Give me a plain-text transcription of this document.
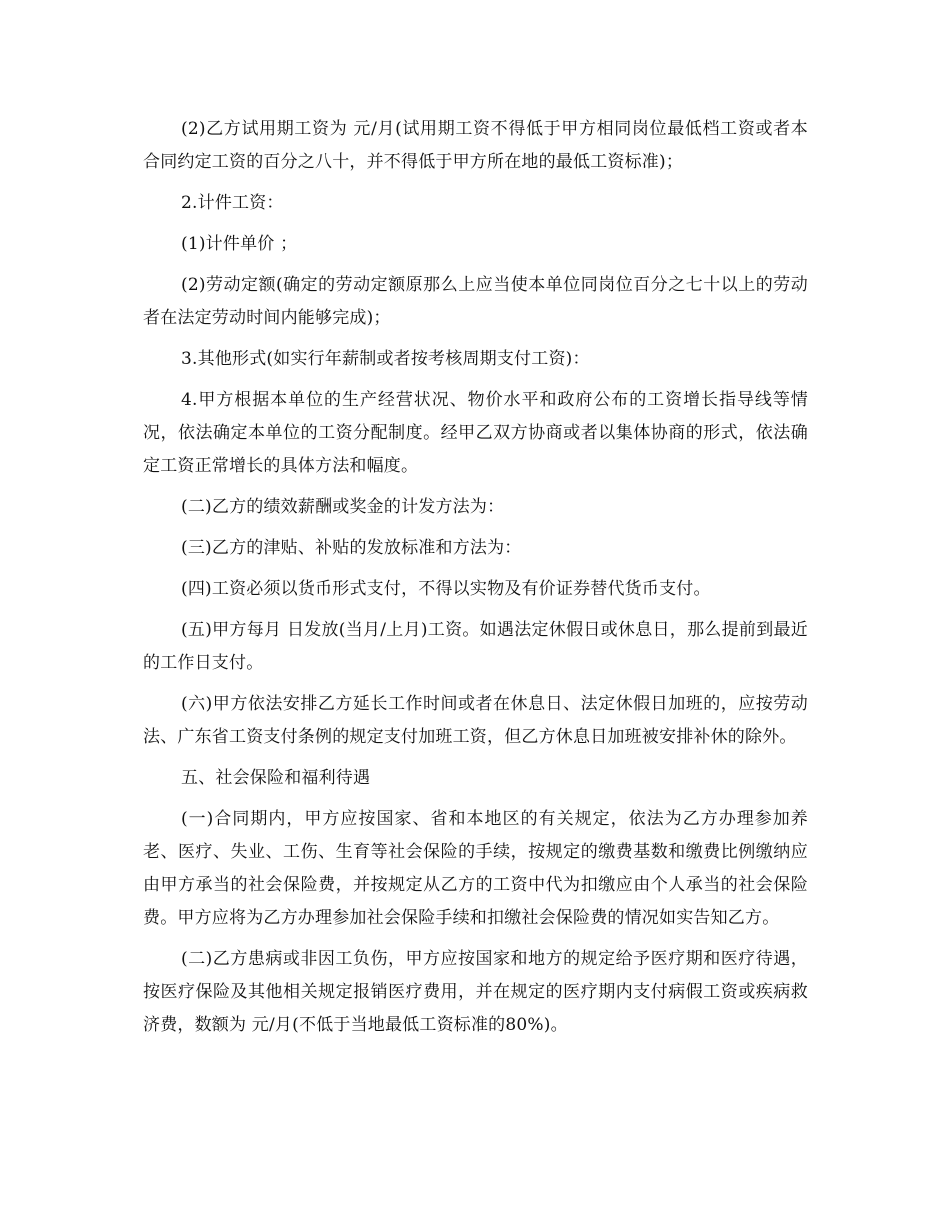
(2)乙方试用期工资为 元/月(试用期工资不得低于甲方相同岗位最低档工资或者本合同约定工资的百分之八十，并不得低于甲方所在地的最低工资标准)；

2.计件工资：

(1)计件单价 ；

(2)劳动定额(确定的劳动定额原那么上应当使本单位同岗位百分之七十以上的劳动者在法定劳动时间内能够完成)；

3.其他形式(如实行年薪制或者按考核周期支付工资)：

4.甲方根据本单位的生产经营状况、物价水平和政府公布的工资增长指导线等情况，依法确定本单位的工资分配制度。经甲乙双方协商或者以集体协商的形式，依法确定工资正常增长的具体方法和幅度。

(二)乙方的绩效薪酬或奖金的计发方法为：

(三)乙方的津贴、补贴的发放标准和方法为：

(四)工资必须以货币形式支付，不得以实物及有价证券替代货币支付。

(五)甲方每月 日发放(当月/上月)工资。如遇法定休假日或休息日，那么提前到最近的工作日支付。

(六)甲方依法安排乙方延长工作时间或者在休息日、法定休假日加班的，应按劳动法、广东省工资支付条例的规定支付加班工资，但乙方休息日加班被安排补休的除外。

五、社会保险和福利待遇

(一)合同期内，甲方应按国家、省和本地区的有关规定，依法为乙方办理参加养老、医疗、失业、工伤、生育等社会保险的手续，按规定的缴费基数和缴费比例缴纳应由甲方承当的社会保险费，并按规定从乙方的工资中代为扣缴应由个人承当的社会保险费。甲方应将为乙方办理参加社会保险手续和扣缴社会保险费的情况如实告知乙方。

(二)乙方患病或非因工负伤，甲方应按国家和地方的规定给予医疗期和医疗待遇，按医疗保险及其他相关规定报销医疗费用，并在规定的医疗期内支付病假工资或疾病救济费，数额为 元/月(不低于当地最低工资标准的80%)。
